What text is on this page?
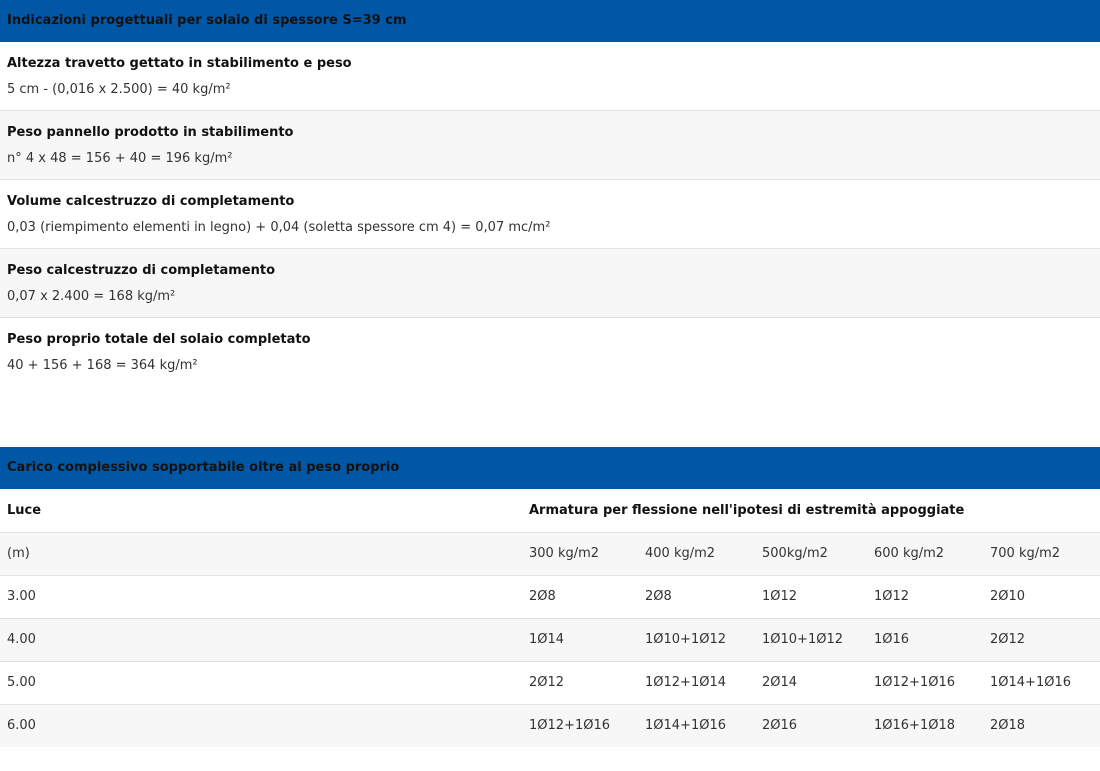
Indicazioni progettuali per solaio di spessore S=39 cm
Altezza travetto gettato in stabilimento e peso
5 cm - (0,016 x 2.500) = 40 kg/m²
Peso pannello prodotto in stabilimento
n° 4 x 48 = 156 + 40 = 196 kg/m²
Volume calcestruzzo di completamento
0,03 (riempimento elementi in legno) + 0,04 (soletta spessore cm 4) = 0,07 mc/m²
Peso calcestruzzo di completamento
0,07 x 2.400 = 168 kg/m²
Peso proprio totale del solaio completato
40 + 156 + 168 = 364 kg/m²
Carico complessivo sopportabile oltre al peso proprio
Luce	Armatura per flessione nell'ipotesi di estremità appoggiate				
(m)	300 kg/m2	400 kg/m2	500kg/m2	600 kg/m2	700 kg/m2
3.00	2Ø8	2Ø8	1Ø12	1Ø12	2Ø10
4.00	1Ø14	1Ø10+1Ø12	1Ø10+1Ø12	1Ø16	2Ø12
5.00	2Ø12	1Ø12+1Ø14	2Ø14	1Ø12+1Ø16	1Ø14+1Ø16
6.00	1Ø12+1Ø16	1Ø14+1Ø16	2Ø16	1Ø16+1Ø18	2Ø18
